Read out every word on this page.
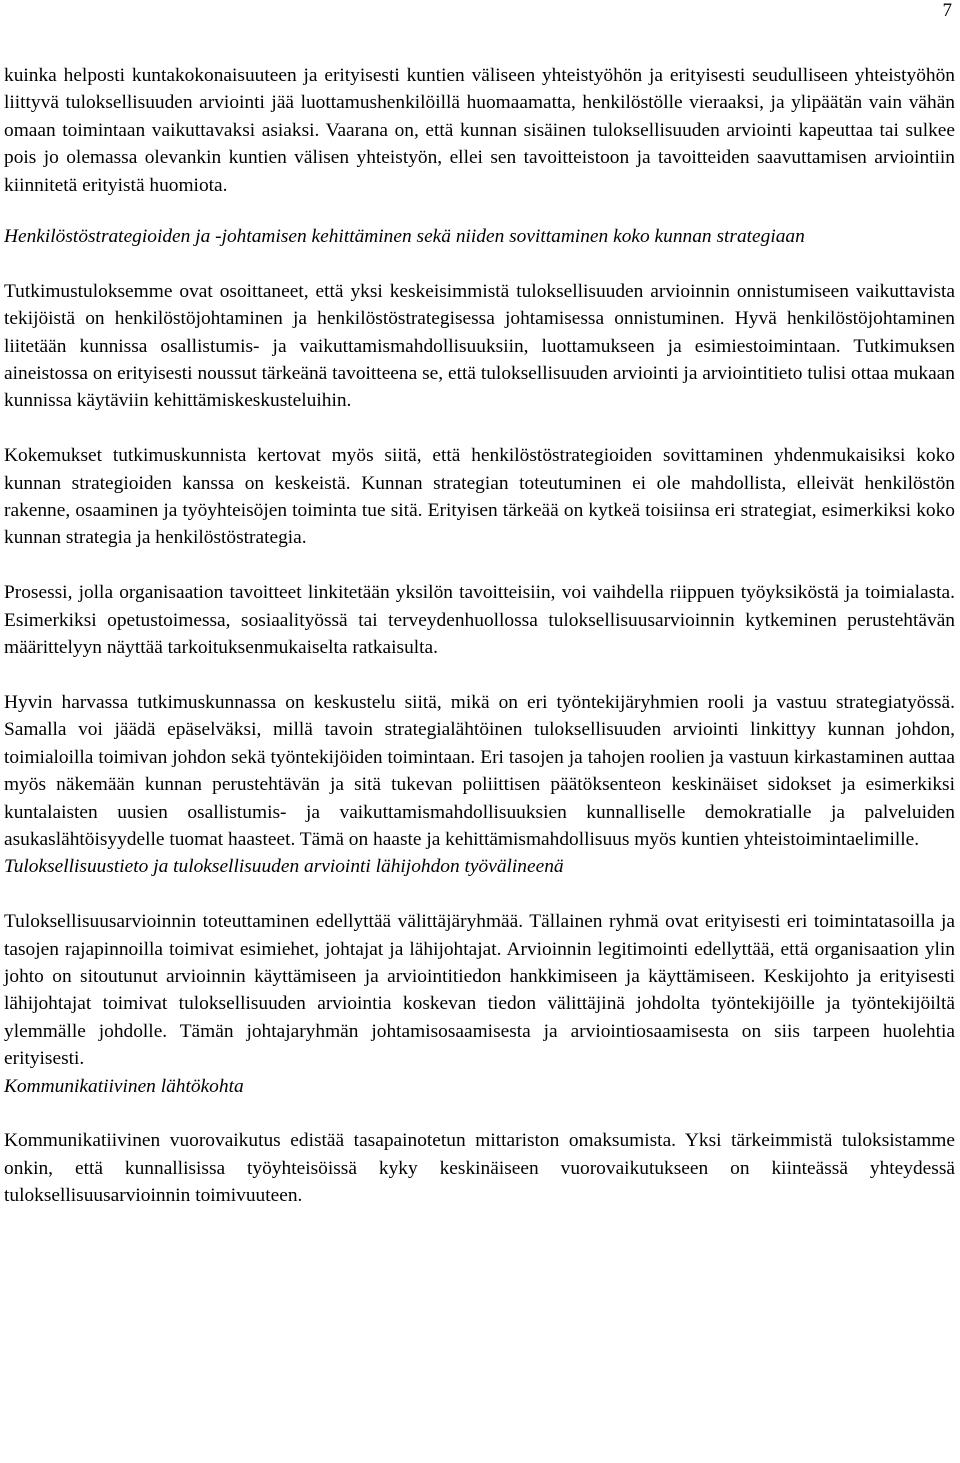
7

kuinka helposti kuntakokonaisuuteen ja erityisesti kuntien väliseen yhteistyöhön ja erityisesti seudulliseen yhteistyöhön liittyvä tuloksellisuuden arviointi jää luottamushenkilöillä huomaamatta, henkilöstölle vieraaksi, ja ylipäätän vain vähän omaan toimintaan vaikuttavaksi asiaksi. Vaarana on, että kunnan sisäinen tuloksellisuuden arviointi kapeuttaa tai sulkee pois jo olemassa olevankin kuntien välisen yhteistyön, ellei sen tavoitteistoon ja tavoitteiden saavuttamisen arviointiin kiinnitetä erityistä huomiota.

Henkilöstöstrategioiden ja -johtamisen kehittäminen sekä niiden sovittaminen koko kunnan strategiaan

Tutkimustuloksemme ovat osoittaneet, että yksi keskeisimmistä tuloksellisuuden arvioinnin onnistumiseen vaikuttavista tekijöistä on henkilöstöjohtaminen ja henkilöstöstrategisessa johtamisessa onnistuminen. Hyvä henkilöstöjohtaminen liitetään kunnissa osallistumis- ja vaikuttamismahdollisuuksiin, luottamukseen ja esimiestoimintaan. Tutkimuksen aineistossa on erityisesti noussut tärkeänä tavoitteena se, että tuloksellisuuden arviointi ja arviointitieto tulisi ottaa mukaan kunnissa käytäviin kehittämiskeskusteluihin.

Kokemukset tutkimuskunnista kertovat myös siitä, että henkilöstöstrategioiden sovittaminen yhdenmukaisiksi koko kunnan strategioiden kanssa on keskeistä. Kunnan strategian toteutuminen ei ole mahdollista, elleivät henkilöstön rakenne, osaaminen ja työyhteisöjen toiminta tue sitä. Erityisen tärkeää on kytkeä toisiinsa eri strategiat, esimerkiksi koko kunnan strategia ja henkilöstöstrategia.

Prosessi, jolla organisaation tavoitteet linkitetään yksilön tavoitteisiin, voi vaihdella riippuen työyksiköstä ja toimialasta. Esimerkiksi opetustoimessa, sosiaalityössä tai terveydenhuollossa tuloksellisuusarvioinnin kytkeminen perustehtävän määrittelyyn näyttää tarkoituksenmukaiselta ratkaisulta.

Hyvin harvassa tutkimuskunnassa on keskustelu siitä, mikä on eri työntekijäryhmien rooli ja vastuu strategiatyössä. Samalla voi jäädä epäselväksi, millä tavoin strategialähtöinen tuloksellisuuden arviointi linkittyy kunnan johdon, toimialoilla toimivan johdon sekä työntekijöiden toimintaan. Eri tasojen ja tahojen roolien ja vastuun kirkastaminen auttaa myös näkemään kunnan perustehtävän ja sitä tukevan poliittisen päätöksenteon keskinäiset sidokset ja esimerkiksi kuntalaisten uusien osallistumis- ja vaikuttamismahdollisuuksien kunnalliselle demokratialle ja palveluiden asukaslähtöisyydelle tuomat haasteet. Tämä on haaste ja kehittämismahdollisuus myös kuntien yhteistoimintaelimille.

Tuloksellisuustieto ja tuloksellisuuden arviointi lähijohdon työvälineenä

Tuloksellisuusarvioinnin toteuttaminen edellyttää välittäjäryhmää. Tällainen ryhmä ovat erityisesti eri toimintatasoilla ja tasojen rajapinnoilla toimivat esimiehet, johtajat ja lähijohtajat. Arvioinnin legitimointi edellyttää, että organisaation ylin johto on sitoutunut arvioinnin käyttämiseen ja arviointitiedon hankkimiseen ja käyttämiseen. Keskijohto ja erityisesti lähijohtajat toimivat tuloksellisuuden arviointia koskevan tiedon välittäjinä johdolta työntekijöille ja työntekijöiltä ylemmälle johdolle. Tämän johtajaryhmän johtamisosaamisesta ja arviointiosaamisesta on siis tarpeen huolehtia erityisesti.

Kommunikatiivinen lähtökohta

Kommunikatiivinen vuorovaikutus edistää tasapainotetun mittariston omaksumista. Yksi tärkeimmistä tuloksistamme onkin, että kunnallisissa työyhteisöissä kyky keskinäiseen vuorovaikutukseen on kiinteässä yhteydessä tuloksellisuusarvioinnin toimivuuteen.
